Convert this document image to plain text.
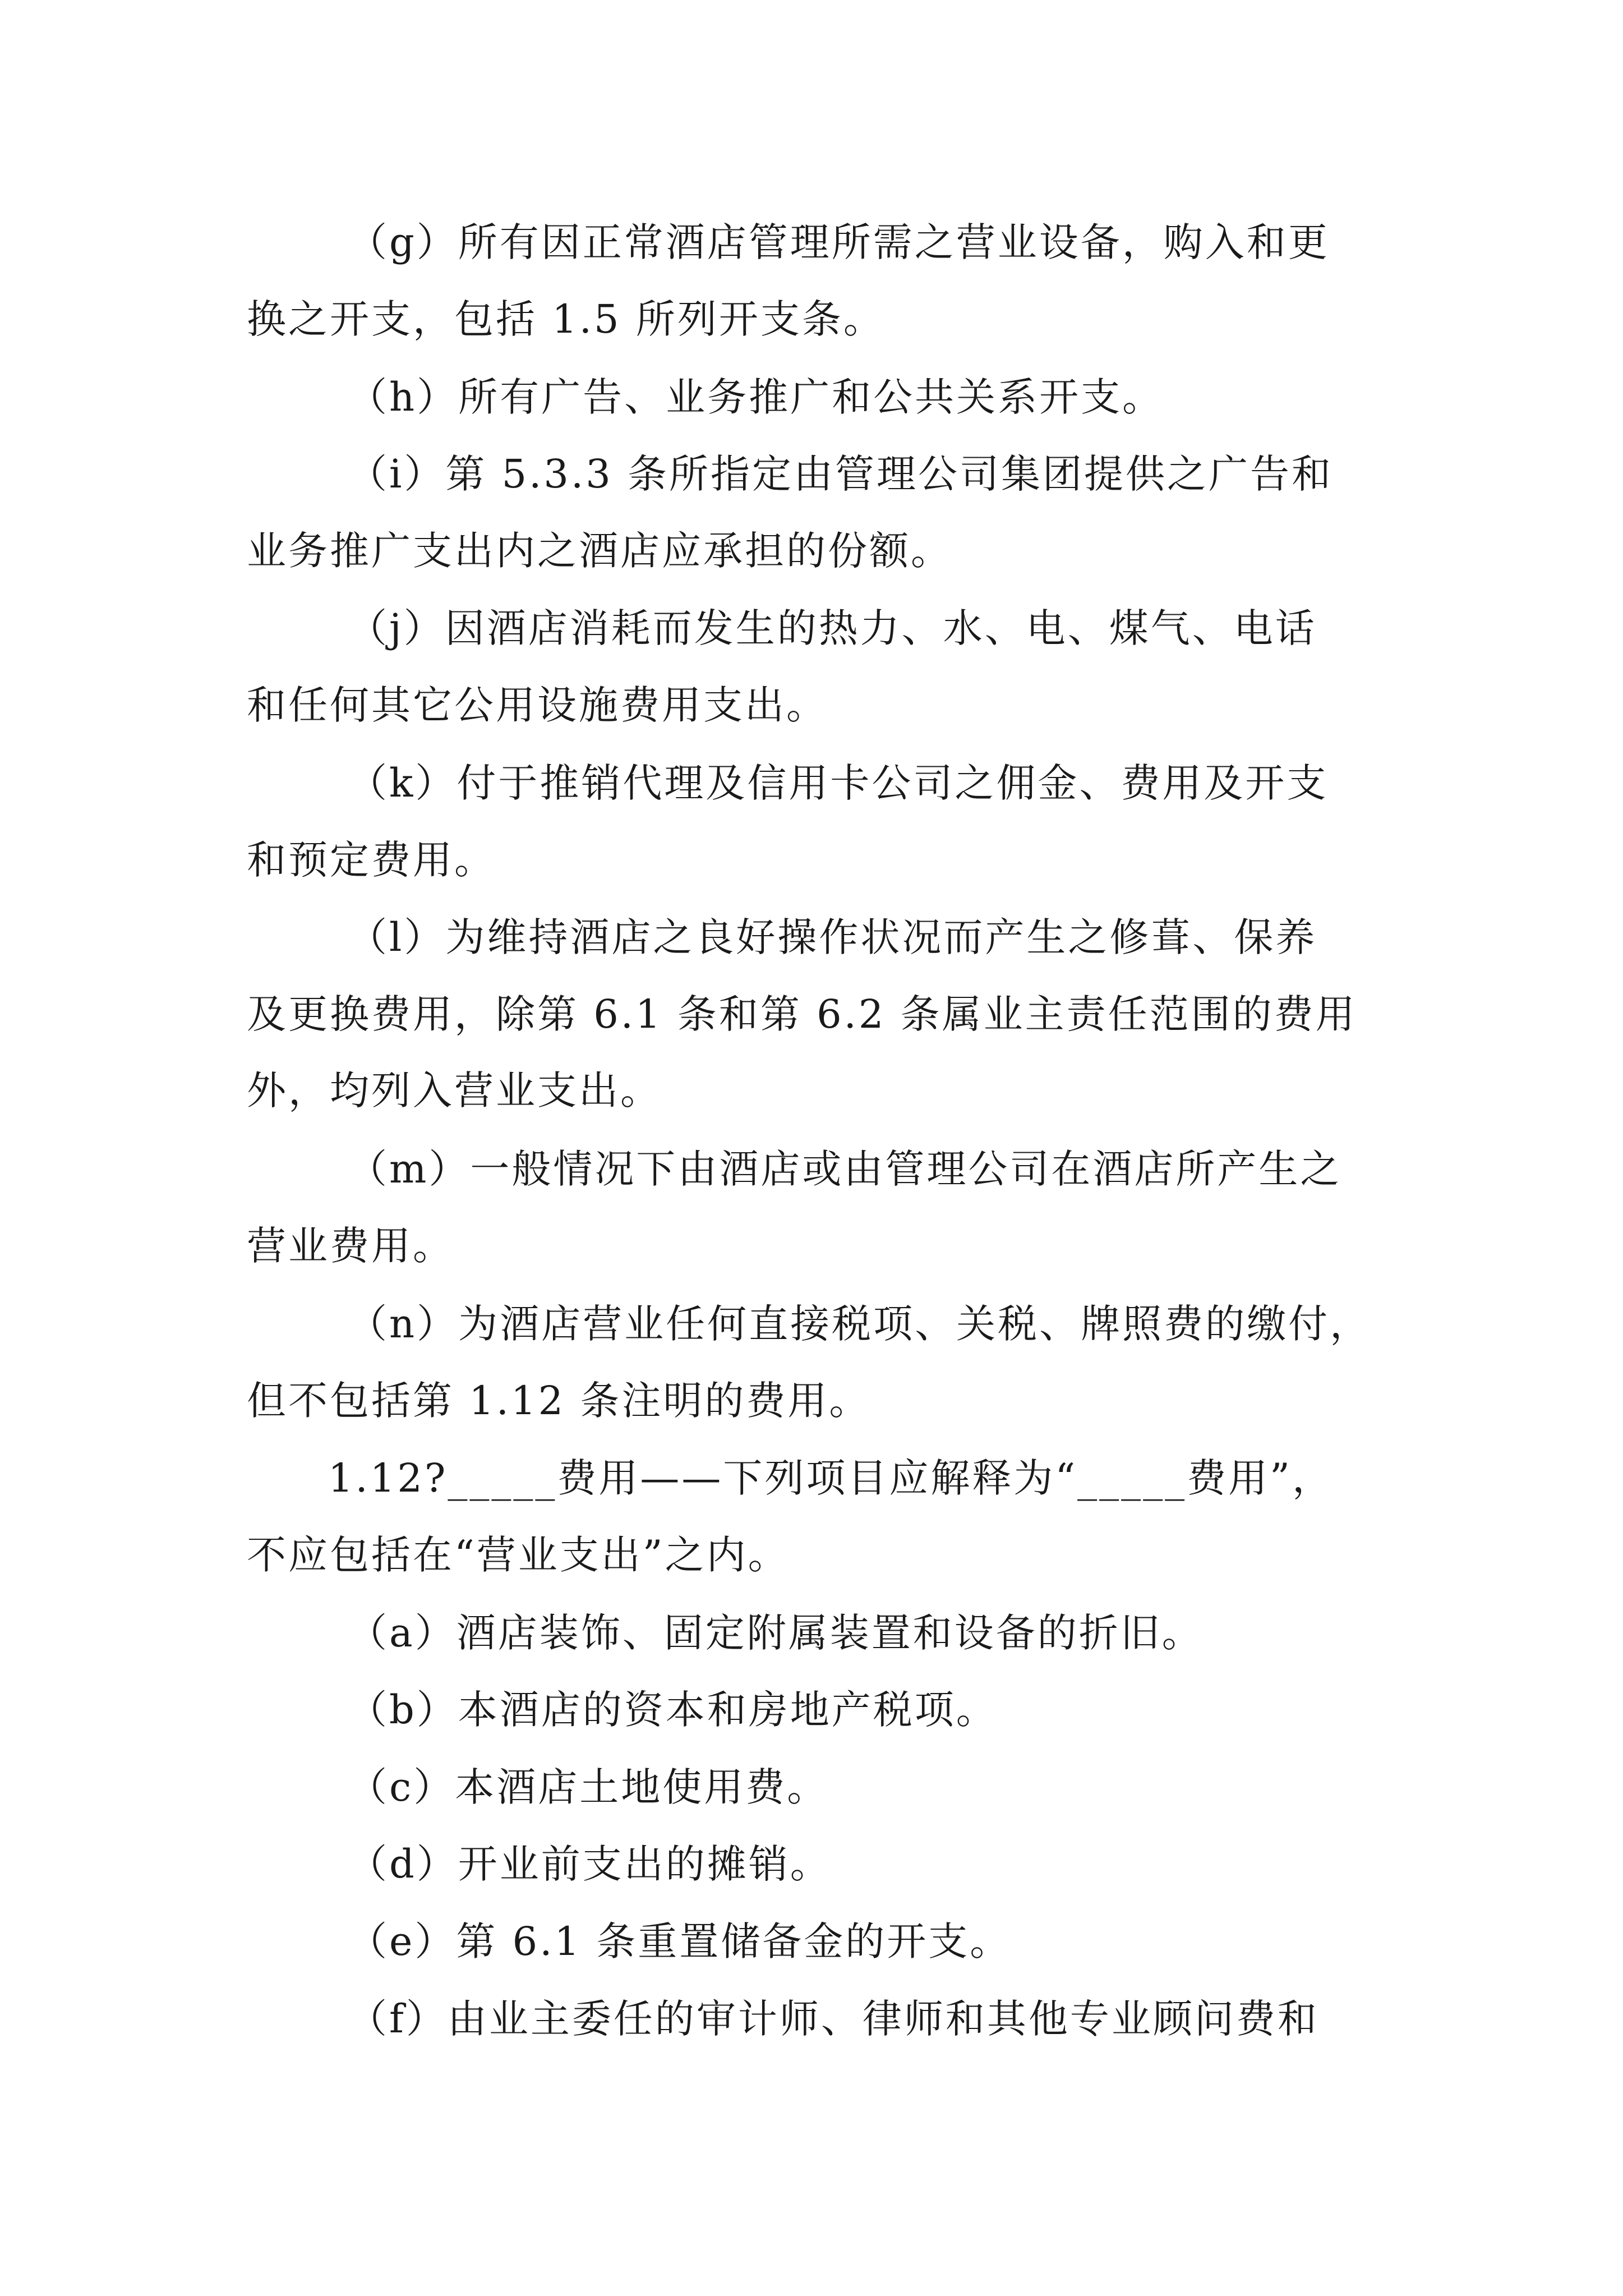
（g）所有因正常酒店管理所需之营业设备，购入和更
换之开支，包括 1.5 所列开支条。
（h）所有广告、业务推广和公共关系开支。
（i）第 5.3.3 条所指定由管理公司集团提供之广告和
业务推广支出内之酒店应承担的份额。
（j）因酒店消耗而发生的热力、水、电、煤气、电话
和任何其它公用设施费用支出。
（k）付于推销代理及信用卡公司之佣金、费用及开支
和预定费用。
（l）为维持酒店之良好操作状况而产生之修葺、保养
及更换费用，除第 6.1 条和第 6.2 条属业主责任范围的费用
外，均列入营业支出。
（m）一般情况下由酒店或由管理公司在酒店所产生之
营业费用。
（n）为酒店营业任何直接税项、关税、牌照费的缴付，
但不包括第 1.12 条注明的费用。
1.12?_____费用——下列项目应解释为“_____费用”，
不应包括在“营业支出”之内。
（a）酒店装饰、固定附属装置和设备的折旧。
（b）本酒店的资本和房地产税项。
（c）本酒店土地使用费。
（d）开业前支出的摊销。
（e）第 6.1 条重置储备金的开支。
（f）由业主委任的审计师、律师和其他专业顾问费和
